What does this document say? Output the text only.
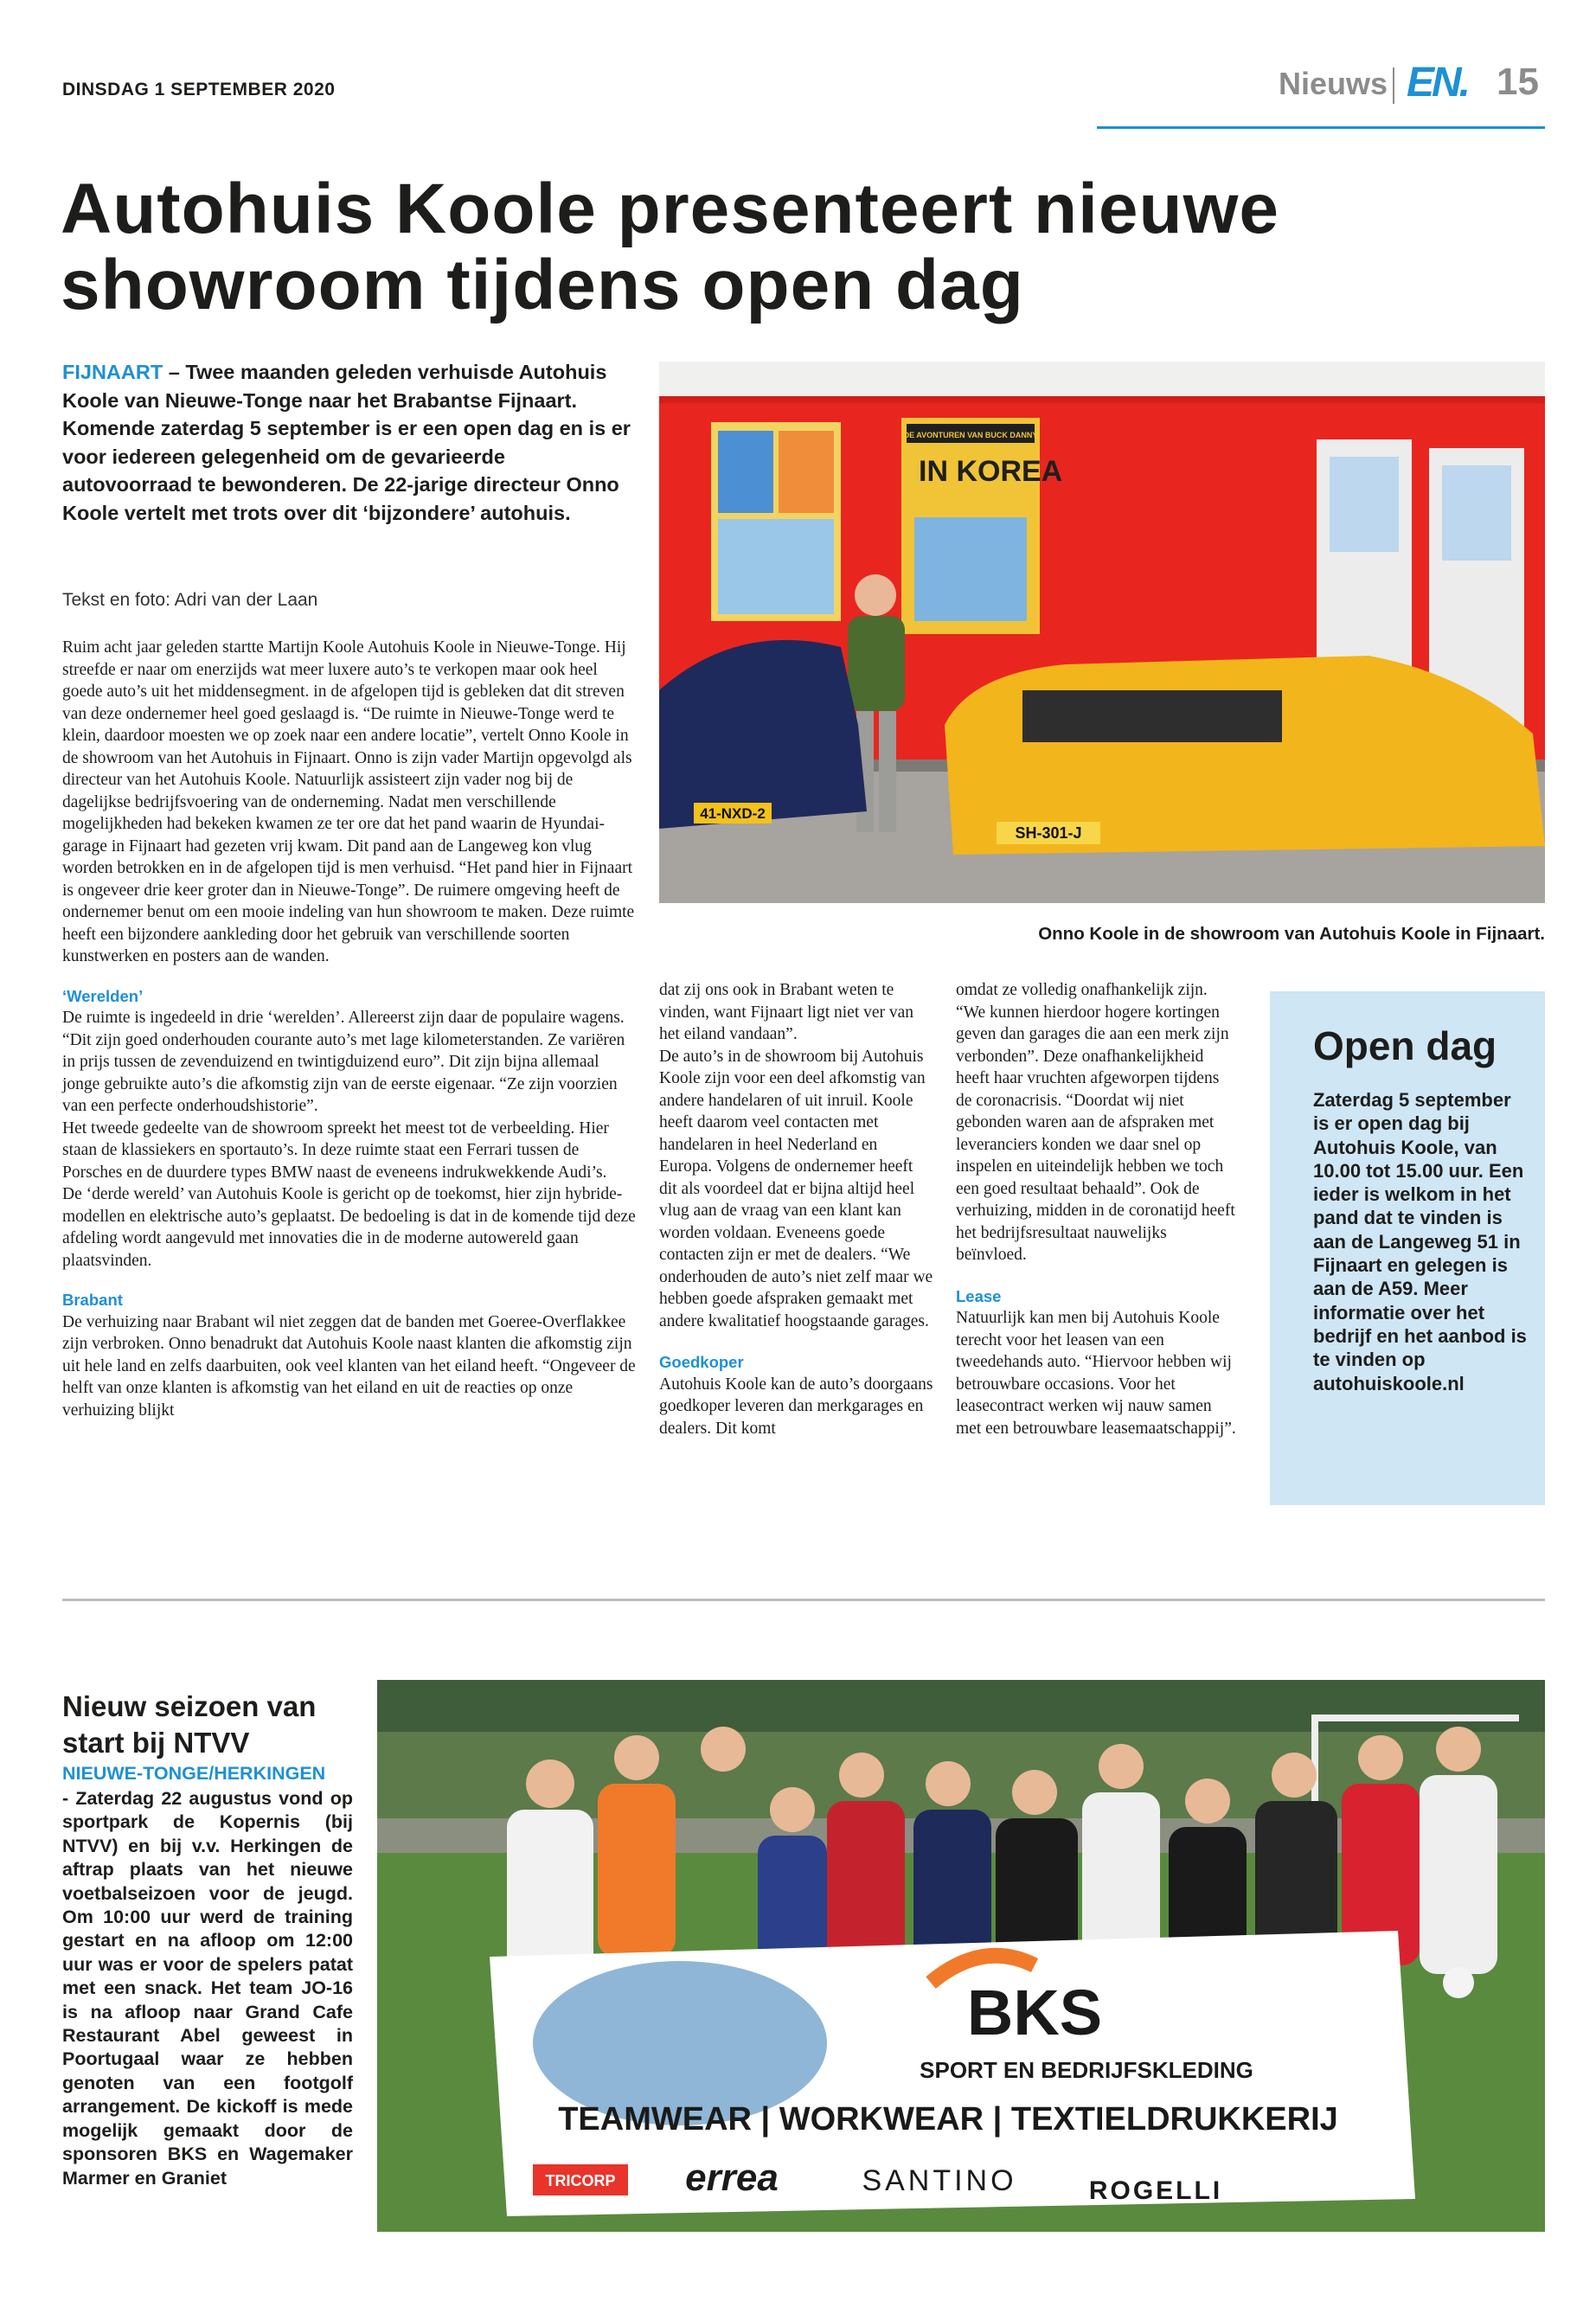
DINSDAG 1 SEPTEMBER 2020	Nieuws EN. 15
Autohuis Koole presenteert nieuwe
showroom tijdens open dag
FIJNAART – Twee maanden geleden verhuisde Autohuis Koole van Nieuwe-Tonge naar het Brabantse Fijnaart. Komende zaterdag 5 september is er een open dag en is er voor iedereen gelegenheid om de gevarieerde autovoorraad te bewonderen. De 22-jarige directeur Onno Koole vertelt met trots over dit ‘bijzondere’ autohuis.
Tekst en foto: Adri van der Laan

Ruim acht jaar geleden startte Martijn Koole Autohuis Koole in Nieuwe-Tonge. Hij streefde er naar om enerzijds wat meer luxere auto’s te verkopen maar ook heel goede auto’s uit het middensegment. in de afgelopen tijd is gebleken dat dit streven van deze ondernemer heel goed geslaagd is. “De ruimte in Nieuwe-Tonge werd te klein, daardoor moesten we op zoek naar een andere locatie”, vertelt Onno Koole in de showroom van het Autohuis in Fijnaart. Onno is zijn vader Martijn opgevolgd als directeur van het Autohuis Koole. Natuurlijk assisteert zijn vader nog bij de dagelijkse bedrijfsvoering van de onderneming. Nadat men verschillende mogelijkheden had bekeken kwamen ze ter ore dat het pand waarin de Hyundai-garage in Fijnaart had gezeten vrij kwam. Dit pand aan de Langeweg kon vlug worden betrokken en in de afgelopen tijd is men verhuisd. “Het pand hier in Fijnaart is ongeveer drie keer groter dan in Nieuwe-Tonge”. De ruimere omgeving heeft de ondernemer benut om een mooie indeling van hun showroom te maken. Deze ruimte heeft een bijzondere aankleding door het gebruik van verschillende soorten kunstwerken en posters aan de wanden.

‘Werelden’

De ruimte is ingedeeld in drie ‘werelden’. Allereerst zijn daar de populaire wagens. “Dit zijn goed onderhouden courante auto’s met lage kilometerstanden. Ze variëren in prijs tussen de zevenduizend en twintigduizend euro”. Dit zijn bijna allemaal jonge gebruikte auto’s die afkomstig zijn van de eerste eigenaar. “Ze zijn voorzien van een perfecte onderhoudshistorie”.

Het tweede gedeelte van de showroom spreekt het meest tot de verbeelding. Hier staan de klassiekers en sportauto’s. In deze ruimte staat een Ferrari tussen de Porsches en de duurdere types BMW naast de eveneens indrukwekkende Audi’s.

De ‘derde wereld’ van Autohuis Koole is gericht op de toekomst, hier zijn hybride-modellen en elektrische auto’s geplaatst. De bedoeling is dat in de komende tijd deze afdeling wordt aangevuld met innovaties die in de moderne autowereld gaan plaatsvinden.

Brabant

De verhuizing naar Brabant wil niet zeggen dat de banden met Goeree-Overflakkee zijn verbroken. Onno benadrukt dat Autohuis Koole naast klanten die afkomstig zijn uit hele land en zelfs daarbuiten, ook veel klanten van het eiland heeft. “Ongeveer de helft van onze klanten is afkomstig van het eiland en uit de reacties op onze verhuizing blijkt

DE AVONTUREN VAN BUCK DANNY
IN KOREA
41-NXD-2
SH-301-J
Onno Koole in de showroom van Autohuis Koole in Fijnaart.

dat zij ons ook in Brabant weten te vinden, want Fijnaart ligt niet ver van het eiland vandaan”.

De auto’s in de showroom bij Autohuis Koole zijn voor een deel afkomstig van andere handelaren of uit inruil. Koole heeft daarom veel contacten met handelaren in heel Nederland en Europa. Volgens de ondernemer heeft dit als voordeel dat er bijna altijd heel vlug aan de vraag van een klant kan worden voldaan. Eveneens goede contacten zijn er met de dealers. “We onderhouden de auto’s niet zelf maar we hebben goede afspraken gemaakt met andere kwalitatief hoogstaande garages.

Goedkoper

Autohuis Koole kan de auto’s doorgaans goedkoper leveren dan merkgarages en dealers. Dit komt

omdat ze volledig onafhankelijk zijn. “We kunnen hierdoor hogere kortingen geven dan garages die aan een merk zijn verbonden”. Deze onafhankelijkheid heeft haar vruchten afgeworpen tijdens de coronacrisis. “Doordat wij niet gebonden waren aan de afspraken met leveranciers konden we daar snel op inspelen en uiteindelijk hebben we toch een goed resultaat behaald”. Ook de verhuizing, midden in de coronatijd heeft het bedrijfsresultaat nauwelijks beïnvloed.

Lease

Natuurlijk kan men bij Autohuis Koole terecht voor het leasen van een tweedehands auto. “Hiervoor hebben wij betrouwbare occasions. Voor het leasecontract werken wij nauw samen met een betrouwbare leasemaatschappij”.

Open dag
Zaterdag 5 september is er open dag bij Autohuis Koole, van 10.00 tot 15.00 uur. Een ieder is welkom in het pand dat te vinden is aan de Langeweg 51 in Fijnaart en gelegen is aan de A59. Meer informatie over het bedrijf en het aanbod is te vinden op autohuiskoole.nl
Nieuw seizoen van start bij NTVV
NIEUWE-TONGE/HERKINGEN
- Zaterdag 22 augustus vond op sportpark de Kopernis (bij NTVV) en bij v.v. Herkingen de aftrap plaats van het nieuwe voetbalseizoen voor de jeugd. Om 10:00 uur werd de training gestart en na afloop om 12:00 uur was er voor de spelers patat met een snack. Het team JO-16 is na afloop naar Grand Cafe Restaurant Abel geweest in Poortugaal waar ze hebben genoten van een footgolf arrangement. De kickoff is mede mogelijk gemaakt door de sponsoren BKS en Wagemaker Marmer en Graniet
BKS
SPORT EN BEDRIJFSKLEDING
TEAMWEAR | WORKWEAR | TEXTIELDRUKKERIJ
TRICORP errea	SANTINO	ROGELLI
